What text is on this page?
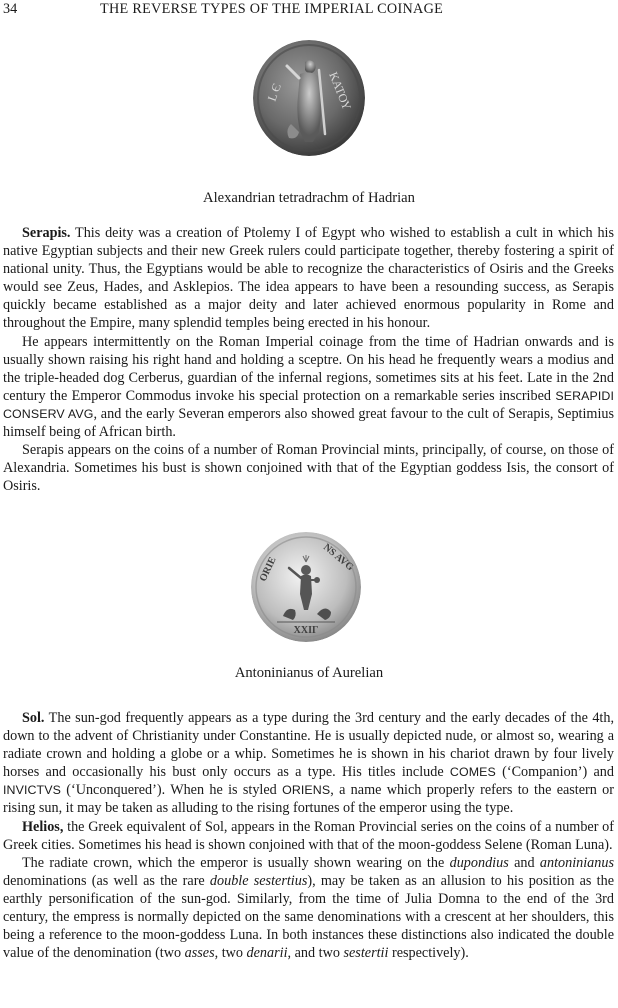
34	THE REVERSE TYPES OF THE IMPERIAL COINAGE
L Є	ΚΑΤΟΥ
Alexandrian tetradrachm of Hadrian

Serapis. This deity was a creation of Ptolemy I of Egypt who wished to establish a cult in which his native Egyptian subjects and their new Greek rulers could participate together, thereby fostering a spirit of national unity. Thus, the Egyptians would be able to recognize the characteristics of Osiris and the Greeks would see Zeus, Hades, and Asklepios. The idea appears to have been a resounding success, as Serapis quickly became established as a major deity and later achieved enormous popularity in Rome and throughout the Empire, many splendid temples being erected in his honour.

He appears intermittently on the Roman Imperial coinage from the time of Hadrian onwards and is usually shown raising his right hand and holding a sceptre. On his head he frequently wears a modius and the triple-headed dog Cerberus, guardian of the infernal regions, sometimes sits at his feet. Late in the 2nd century the Emperor Commodus invoke his special protection on a remarkable series inscribed SERAPIDI CONSERV AVG, and the early Severan emperors also showed great favour to the cult of Serapis, Septimius himself being of African birth.

Serapis appears on the coins of a number of Roman Provincial mints, principally, of course, on those of Alexandria. Sometimes his bust is shown conjoined with that of the Egyptian goddess Isis, the consort of Osiris.

XXIΓ
ORIE	NS AVG
Antoninianus of Aurelian

Sol. The sun-god frequently appears as a type during the 3rd century and the early decades of the 4th, down to the advent of Christianity under Constantine. He is usually depicted nude, or almost so, wearing a radiate crown and holding a globe or a whip. Sometimes he is shown in his chariot drawn by four lively horses and occasionally his bust only occurs as a type. His titles include COMES (‘Companion’) and INVICTVS (‘Unconquered’). When he is styled ORIENS, a name which properly refers to the eastern or rising sun, it may be taken as alluding to the rising fortunes of the emperor using the type.

Helios, the Greek equivalent of Sol, appears in the Roman Provincial series on the coins of a number of Greek cities. Sometimes his head is shown conjoined with that of the moon-goddess Selene (Roman Luna).

The radiate crown, which the emperor is usually shown wearing on the dupondius and antoninianus denominations (as well as the rare double sestertius), may be taken as an allusion to his position as the earthly personification of the sun-god. Similarly, from the time of Julia Domna to the end of the 3rd century, the empress is normally depicted on the same denominations with a crescent at her shoulders, this being a reference to the moon-goddess Luna. In both instances these distinctions also indicated the double value of the denomination (two asses, two denarii, and two sestertii respectively).
